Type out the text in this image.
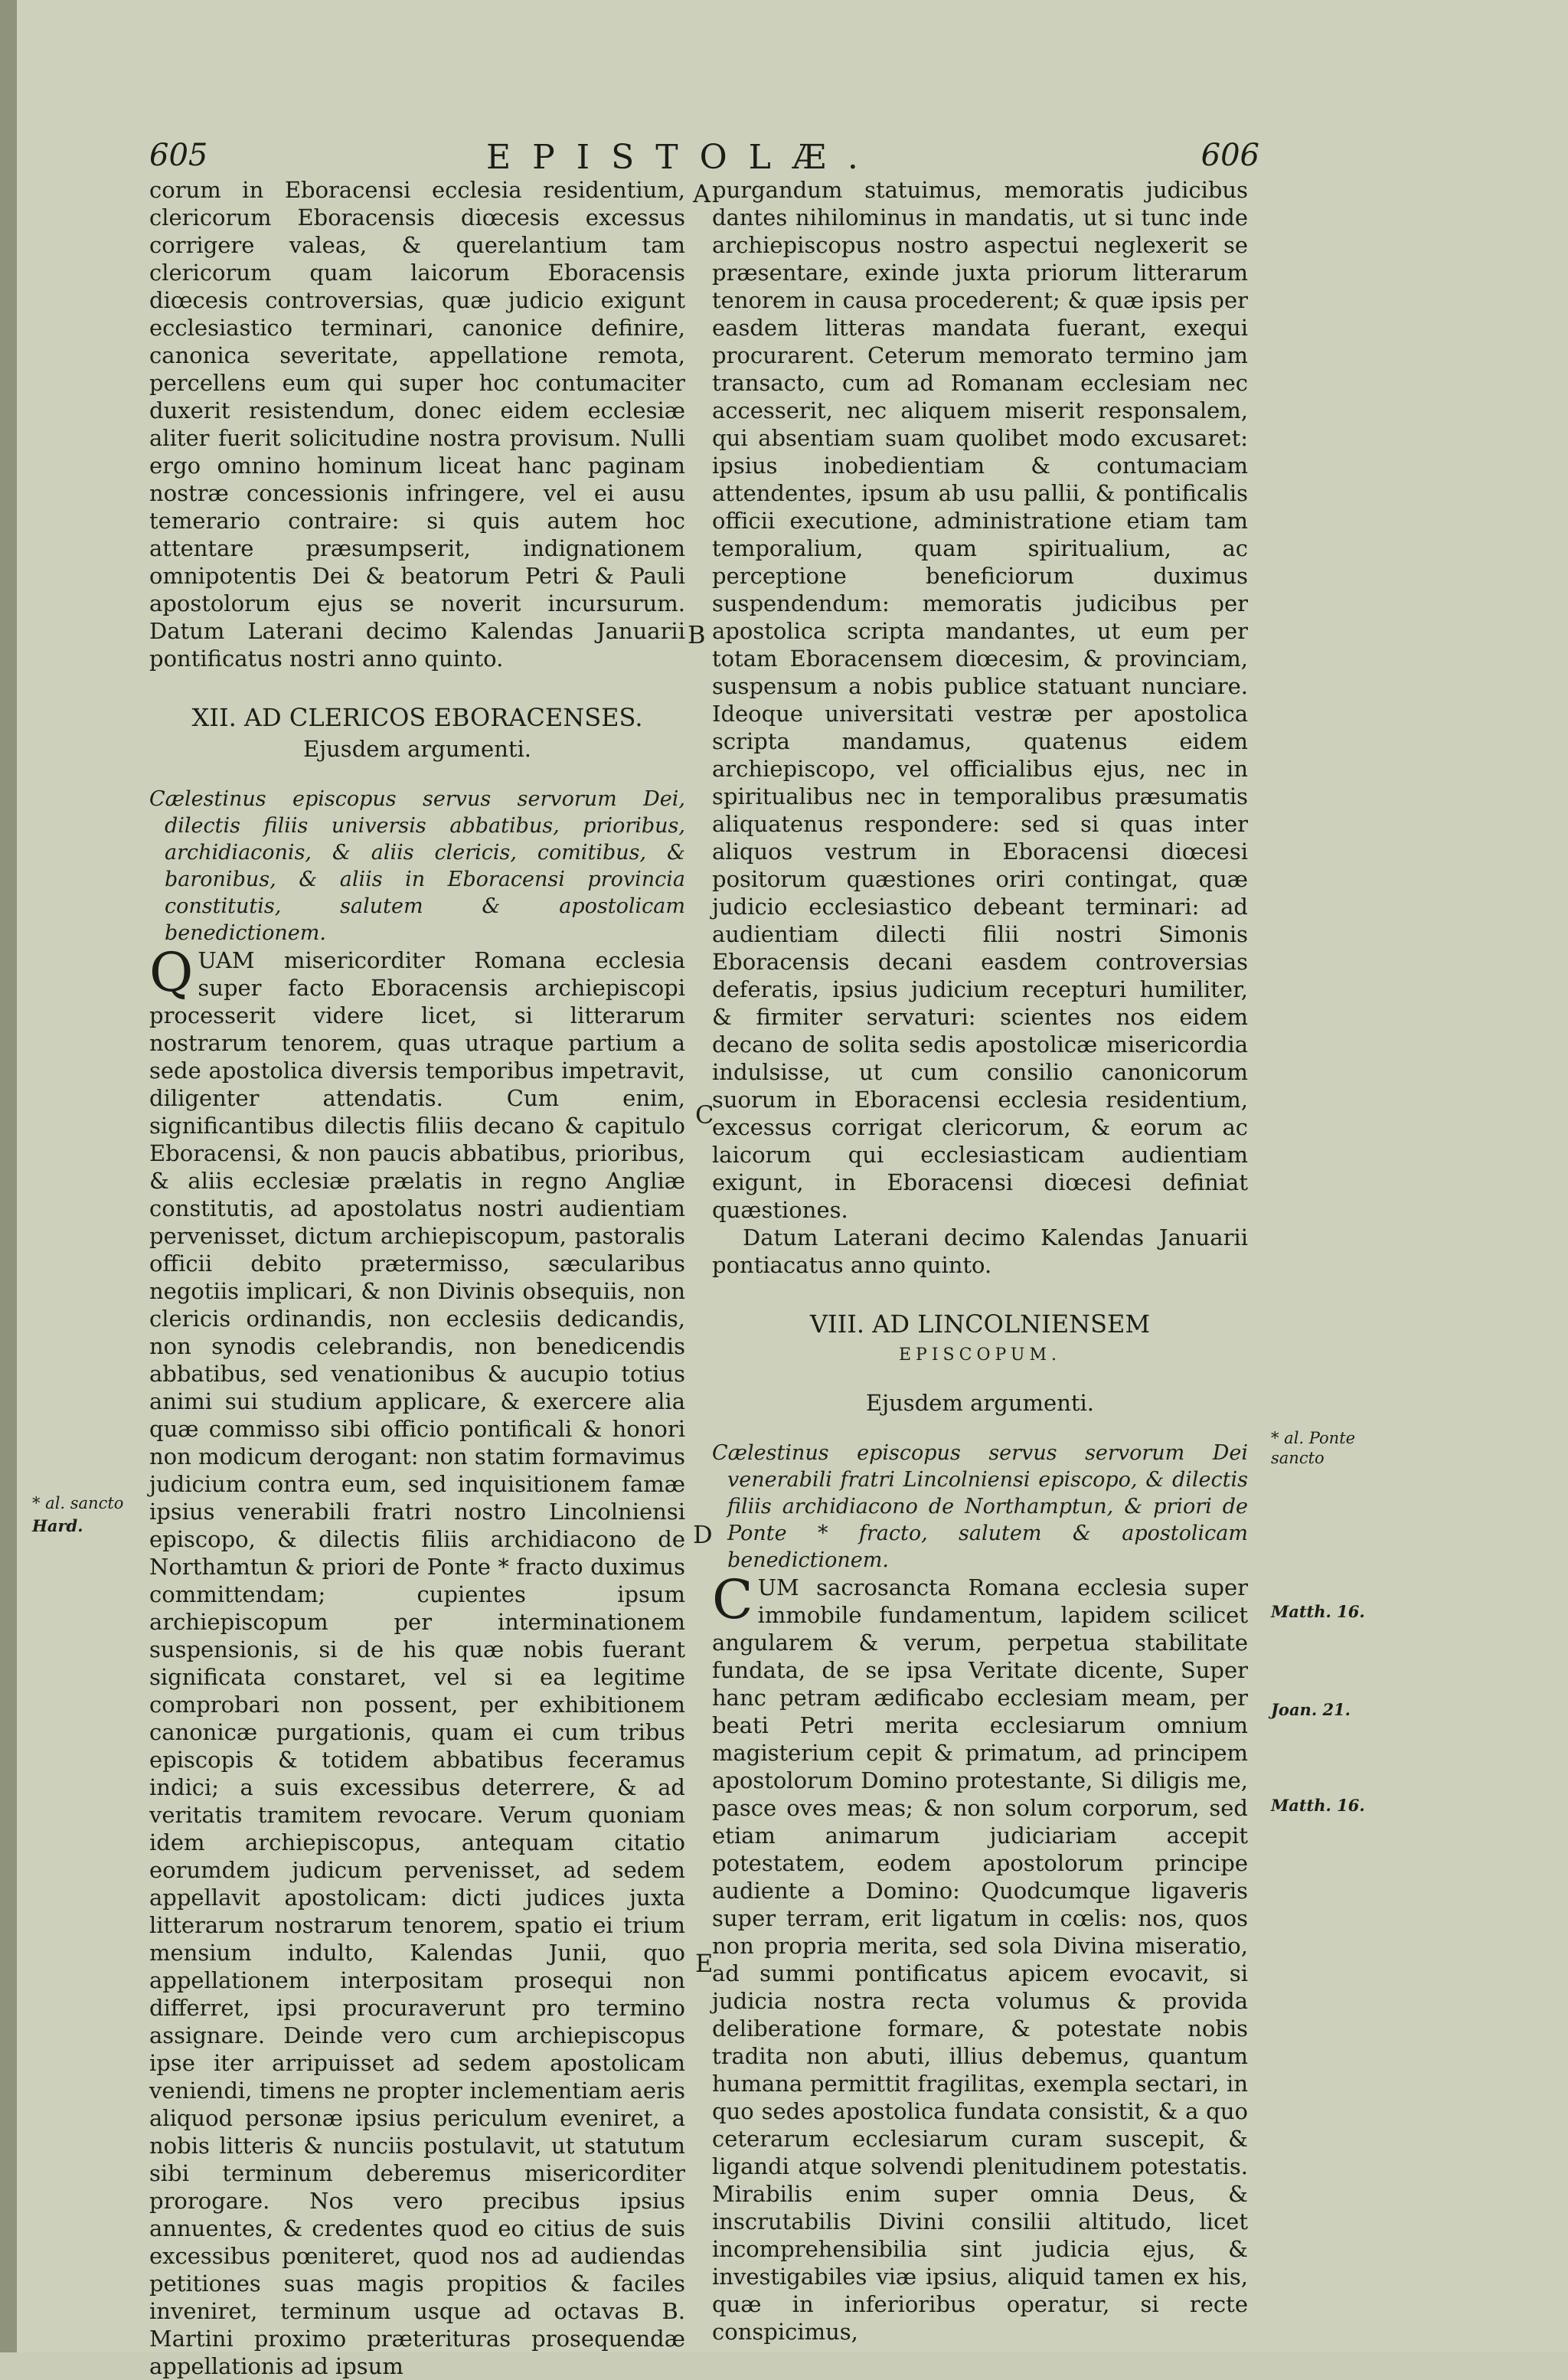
605	EPISTOLÆ.	606

corum in Eboracensi ecclesia residentium, clericorum Eboracensis diœcesis excessus corrigere valeas, & querelantium tam clericorum quam laicorum Eboracensis diœcesis controversias, quæ judicio exigunt ecclesiastico terminari, canonice definire, canonica severitate, appellatione remota, percellens eum qui super hoc contumaciter duxerit resistendum, donec eidem ecclesiæ aliter fuerit solicitudine nostra provisum. Nulli ergo omnino hominum liceat hanc paginam nostræ concessionis infringere, vel ei ausu temerario contraire: si quis autem hoc attentare præsumpserit, indignationem omnipotentis Dei & beatorum Petri & Pauli apostolorum ejus se noverit incursurum. Datum Laterani decimo Kalendas Januarii pontificatus nostri anno quinto.

XII. AD CLERICOS EBORACENSES.
Ejusdem argumenti.

Cælestinus episcopus servus servorum Dei, dilectis filiis universis abbatibus, prioribus, archidiaconis, & aliis clericis, comitibus, & baronibus, & aliis in Eboracensi provincia constitutis, salutem & apostolicam benedictionem.

QUAM misericorditer Romana ecclesia super facto Eboracensis archiepiscopi processerit videre licet, si litterarum nostrarum tenorem, quas utraque partium a sede apostolica diversis temporibus impetravit, diligenter attendatis. Cum enim, significantibus dilectis filiis decano & capitulo Eboracensi, & non paucis abbatibus, prioribus, & aliis ecclesiæ prælatis in regno Angliæ constitutis, ad apostolatus nostri audientiam pervenisset, dictum archiepiscopum, pastoralis officii debito prætermisso, sæcularibus negotiis implicari, & non Divinis obsequiis, non clericis ordinandis, non ecclesiis dedicandis, non synodis celebrandis, non benedicendis abbatibus, sed venationibus & aucupio totius animi sui studium applicare, & exercere alia quæ commisso sibi officio pontificali & honori non modicum derogant: non statim formavimus judicium contra eum, sed inquisitionem famæ ipsius venerabili fratri nostro Lincolniensi episcopo, & dilectis filiis archidiacono de Northamtun & priori de Ponte * fracto duximus committendam; cupientes ipsum archiepiscopum per interminationem suspensionis, si de his quæ nobis fuerant significata constaret, vel si ea legitime comprobari non possent, per exhibitionem canonicæ purgationis, quam ei cum tribus episcopis & totidem abbatibus feceramus indici; a suis excessibus deterrere, & ad veritatis tramitem revocare. Verum quoniam idem archiepiscopus, antequam citatio eorumdem judicum pervenisset, ad sedem appellavit apostolicam: dicti judices juxta litterarum nostrarum tenorem, spatio ei trium mensium indulto, Kalendas Junii, quo appellationem interpositam prosequi non differret, ipsi procuraverunt pro termino assignare. Deinde vero cum archiepiscopus ipse iter arripuisset ad sedem apostolicam veniendi, timens ne propter inclementiam aeris aliquod personæ ipsius periculum eveniret, a nobis litteris & nunciis postulavit, ut statutum sibi terminum deberemus misericorditer prorogare. Nos vero precibus ipsius annuentes, & credentes quod eo citius de suis excessibus pœniteret, quod nos ad audiendas petitiones suas magis propitios & faciles inveniret, terminum usque ad octavas B. Martini proximo præterituras prosequendæ appellationis ad ipsum

purgandum statuimus, memoratis judicibus dantes nihilominus in mandatis, ut si tunc inde archiepiscopus nostro aspectui neglexerit se præsentare, exinde juxta priorum litterarum tenorem in causa procederent; & quæ ipsis per easdem litteras mandata fuerant, exequi procurarent. Ceterum memorato termino jam transacto, cum ad Romanam ecclesiam nec accesserit, nec aliquem miserit responsalem, qui absentiam suam quolibet modo excusaret: ipsius inobedientiam & contumaciam attendentes, ipsum ab usu pallii, & pontificalis officii executione, administratione etiam tam temporalium, quam spiritualium, ac perceptione beneficiorum duximus suspendendum: memoratis judicibus per apostolica scripta mandantes, ut eum per totam Eboracensem diœcesim, & provinciam, suspensum a nobis publice statuant nunciare. Ideoque universitati vestræ per apostolica scripta mandamus, quatenus eidem archiepiscopo, vel officialibus ejus, nec in spiritualibus nec in temporalibus præsumatis aliquatenus respondere: sed si quas inter aliquos vestrum in Eboracensi diœcesi positorum quæstiones oriri contingat, quæ judicio ecclesiastico debeant terminari: ad audientiam dilecti filii nostri Simonis Eboracensis decani easdem controversias deferatis, ipsius judicium recepturi humiliter, & firmiter servaturi: scientes nos eidem decano de solita sedis apostolicæ misericordia indulsisse, ut cum consilio canonicorum suorum in Eboracensi ecclesia residentium, excessus corrigat clericorum, & eorum ac laicorum qui ecclesiasticam audientiam exigunt, in Eboracensi diœcesi definiat quæstiones.

Datum Laterani decimo Kalendas Januarii pontiacatus anno quinto.

VIII. AD LINCOLNIENSEM
EPISCOPUM.
Ejusdem argumenti.

Cælestinus episcopus servus servorum Dei venerabili fratri Lincolniensi episcopo, & dilectis filiis archidiacono de Northamptun, & priori de Ponte * fracto, salutem & apostolicam benedictionem.

CUM sacrosancta Romana ecclesia super immobile fundamentum, lapidem scilicet angularem & verum, perpetua stabilitate fundata, de se ipsa Veritate dicente, Super hanc petram ædificabo ecclesiam meam, per beati Petri merita ecclesiarum omnium magisterium cepit & primatum, ad principem apostolorum Domino protestante, Si diligis me, pasce oves meas; & non solum corporum, sed etiam animarum judiciariam accepit potestatem, eodem apostolorum principe audiente a Domino: Quodcumque ligaveris super terram, erit ligatum in cœlis: nos, quos non propria merita, sed sola Divina miseratio, ad summi pontificatus apicem evocavit, si judicia nostra recta volumus & provida deliberatione formare, & potestate nobis tradita non abuti, illius debemus, quantum humana permittit fragilitas, exempla sectari, in quo sedes apostolica fundata consistit, & a quo ceterarum ecclesiarum curam suscepit, & ligandi atque solvendi plenitudinem potestatis. Mirabilis enim super omnia Deus, & inscrutabilis Divini consilii altitudo, licet incomprehensibilia sint judicia ejus, & investigabiles viæ ipsius, aliquid tamen ex his, quæ in inferioribus operatur, si recte conspicimus,

A
B
C
D
E
* al. sancto
Hard.
* al. Ponte sancto
Matth. 16.
Joan. 21.
Matth. 16.
